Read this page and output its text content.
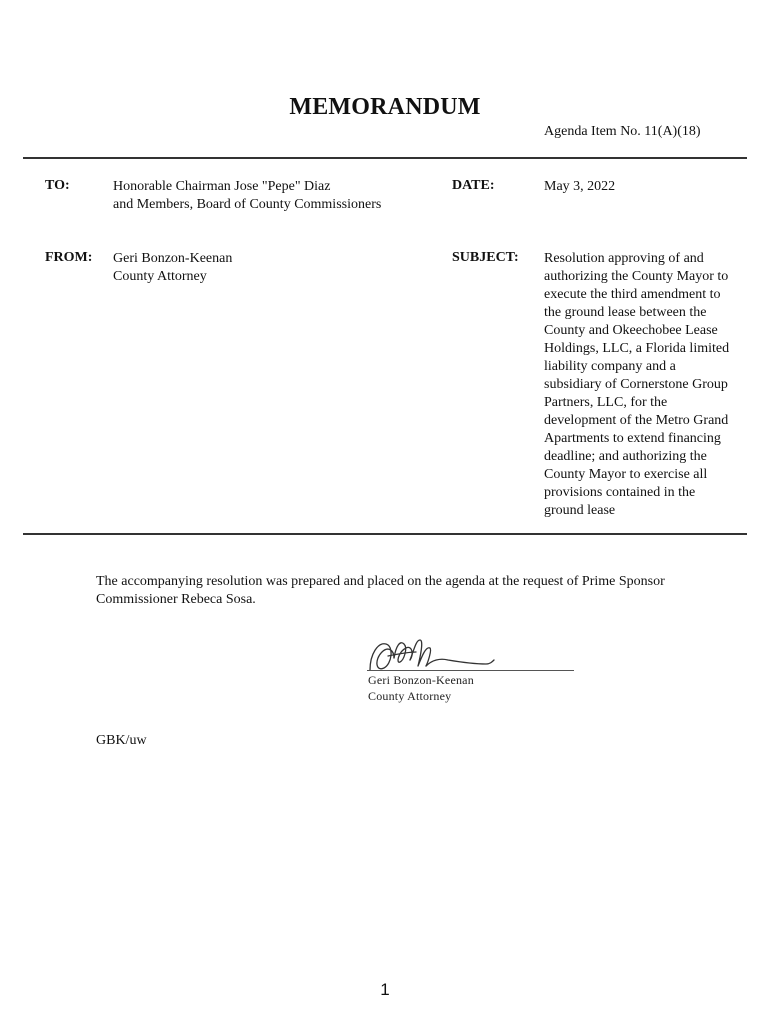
MEMORANDUM
Agenda Item No. 11(A)(18)
TO:	Honorable Chairman Jose "Pepe" Diaz
and Members, Board of County Commissioners
DATE:	May 3, 2022
FROM: Geri Bonzon-Keenan
County Attorney
SUBJECT: Resolution approving of and
authorizing the County Mayor to
execute the third amendment to
the ground lease between the
County and Okeechobee Lease
Holdings, LLC, a Florida limited
liability company and a
subsidiary of Cornerstone Group
Partners, LLC, for the
development of the Metro Grand
Apartments to extend financing
deadline; and authorizing the
County Mayor to exercise all
provisions contained in the
ground lease
The accompanying resolution was prepared and placed on the agenda at the request of Prime Sponsor Commissioner Rebeca Sosa.
Geri Bonzon-Keenan
County Attorney
GBK/uw
1
